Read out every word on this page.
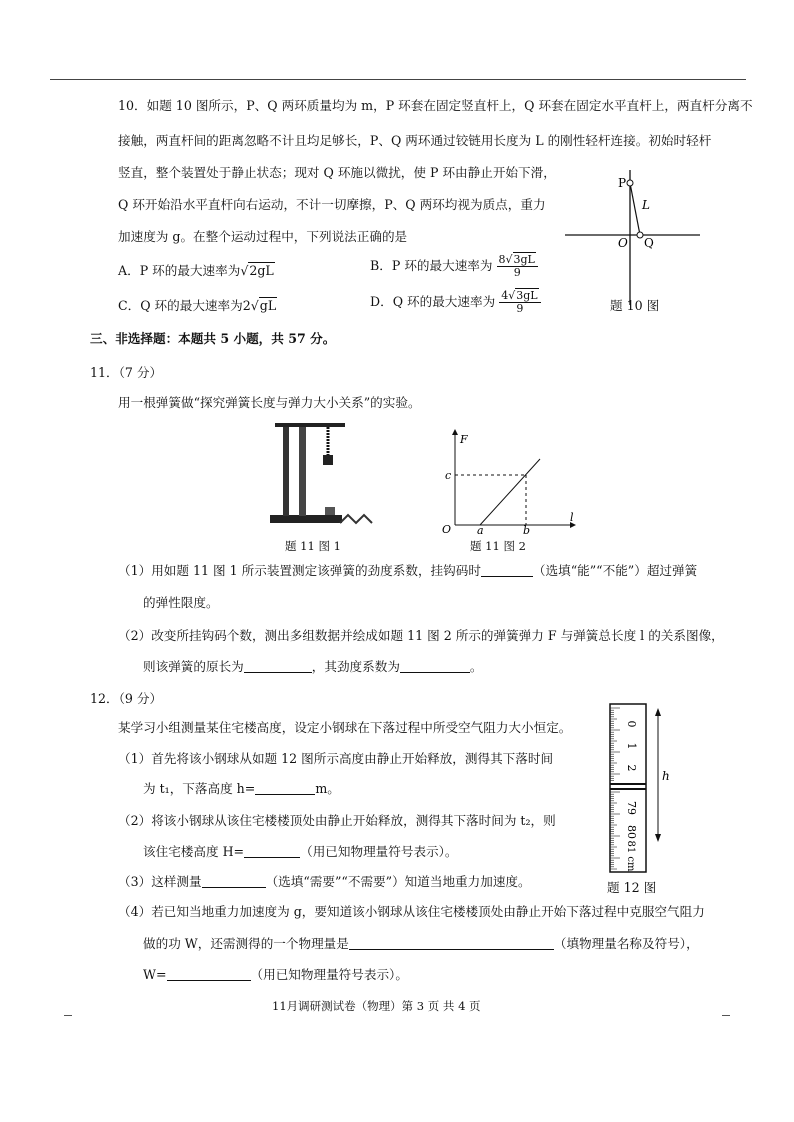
10．如题 10 图所示，P、Q 两环质量均为 m，P 环套在固定竖直杆上，Q 环套在固定水平直杆上，两直杆分离不
接触，两直杆间的距离忽略不计且均足够长，P、Q 两环通过铰链用长度为 L 的刚性轻杆连接。初始时轻杆
竖直，整个装置处于静止状态；现对 Q 环施以微扰，使 P 环由静止开始下滑，
Q 环开始沿水平直杆向右运动，不计一切摩擦，P、Q 两环均视为质点，重力
加速度为 g。在整个运动过程中，下列说法正确的是
A．P 环的最大速率为√2gL	B．P 环的最大速率为 $\frac{8√3gL}{9}$
C．Q 环的最大速率为2√gL	D．Q 环的最大速率为 $\frac{4√3gL}{9}$
P
L
O Q
题 10 图
三、非选择题：本题共 5 小题，共 57 分。
11．（7 分）
用一根弹簧做“探究弹簧长度与弹力大小关系”的实验。
题 11 图 1
F
c
O a	b
l
题 11 图 2
（1）用如题 11 图 1 所示装置测定该弹簧的劲度系数，挂钩码时	（选填“能”“不能”）超过弹簧
的弹性限度。
（2）改变所挂钩码个数，测出多组数据并绘成如题 11 图 2 所示的弹簧弹力 F 与弹簧总长度 l 的关系图像，
则该弹簧的原长为	，其劲度系数为	。
12．（9 分）
某学习小组测量某住宅楼高度，设定小钢球在下落过程中所受空气阻力大小恒定。
（1）首先将该小钢球从如题 12 图所示高度由静止开始释放，测得其下落时间
为 t₁，下落高度 h=	m。
（2）将该小钢球从该住宅楼楼顶处由静止开始释放，测得其下落时间为 t₂，则
该住宅楼高度 H=	（用已知物理量符号表示）。
（3）这样测量	（选填“需要”“不需要”）知道当地重力加速度。
（4）若已知当地重力加速度为 g，要知道该小钢球从该住宅楼楼顶处由静止开始下落过程中克服空气阻力
做的功 W，还需测得的一个物理量是	（填物理量名称及符号），
W=	（用已知物理量符号表示）。
0
1
2
79
80
81 cm
h
题 12 图
11月调研测试卷（物理）第 3 页 共 4 页
